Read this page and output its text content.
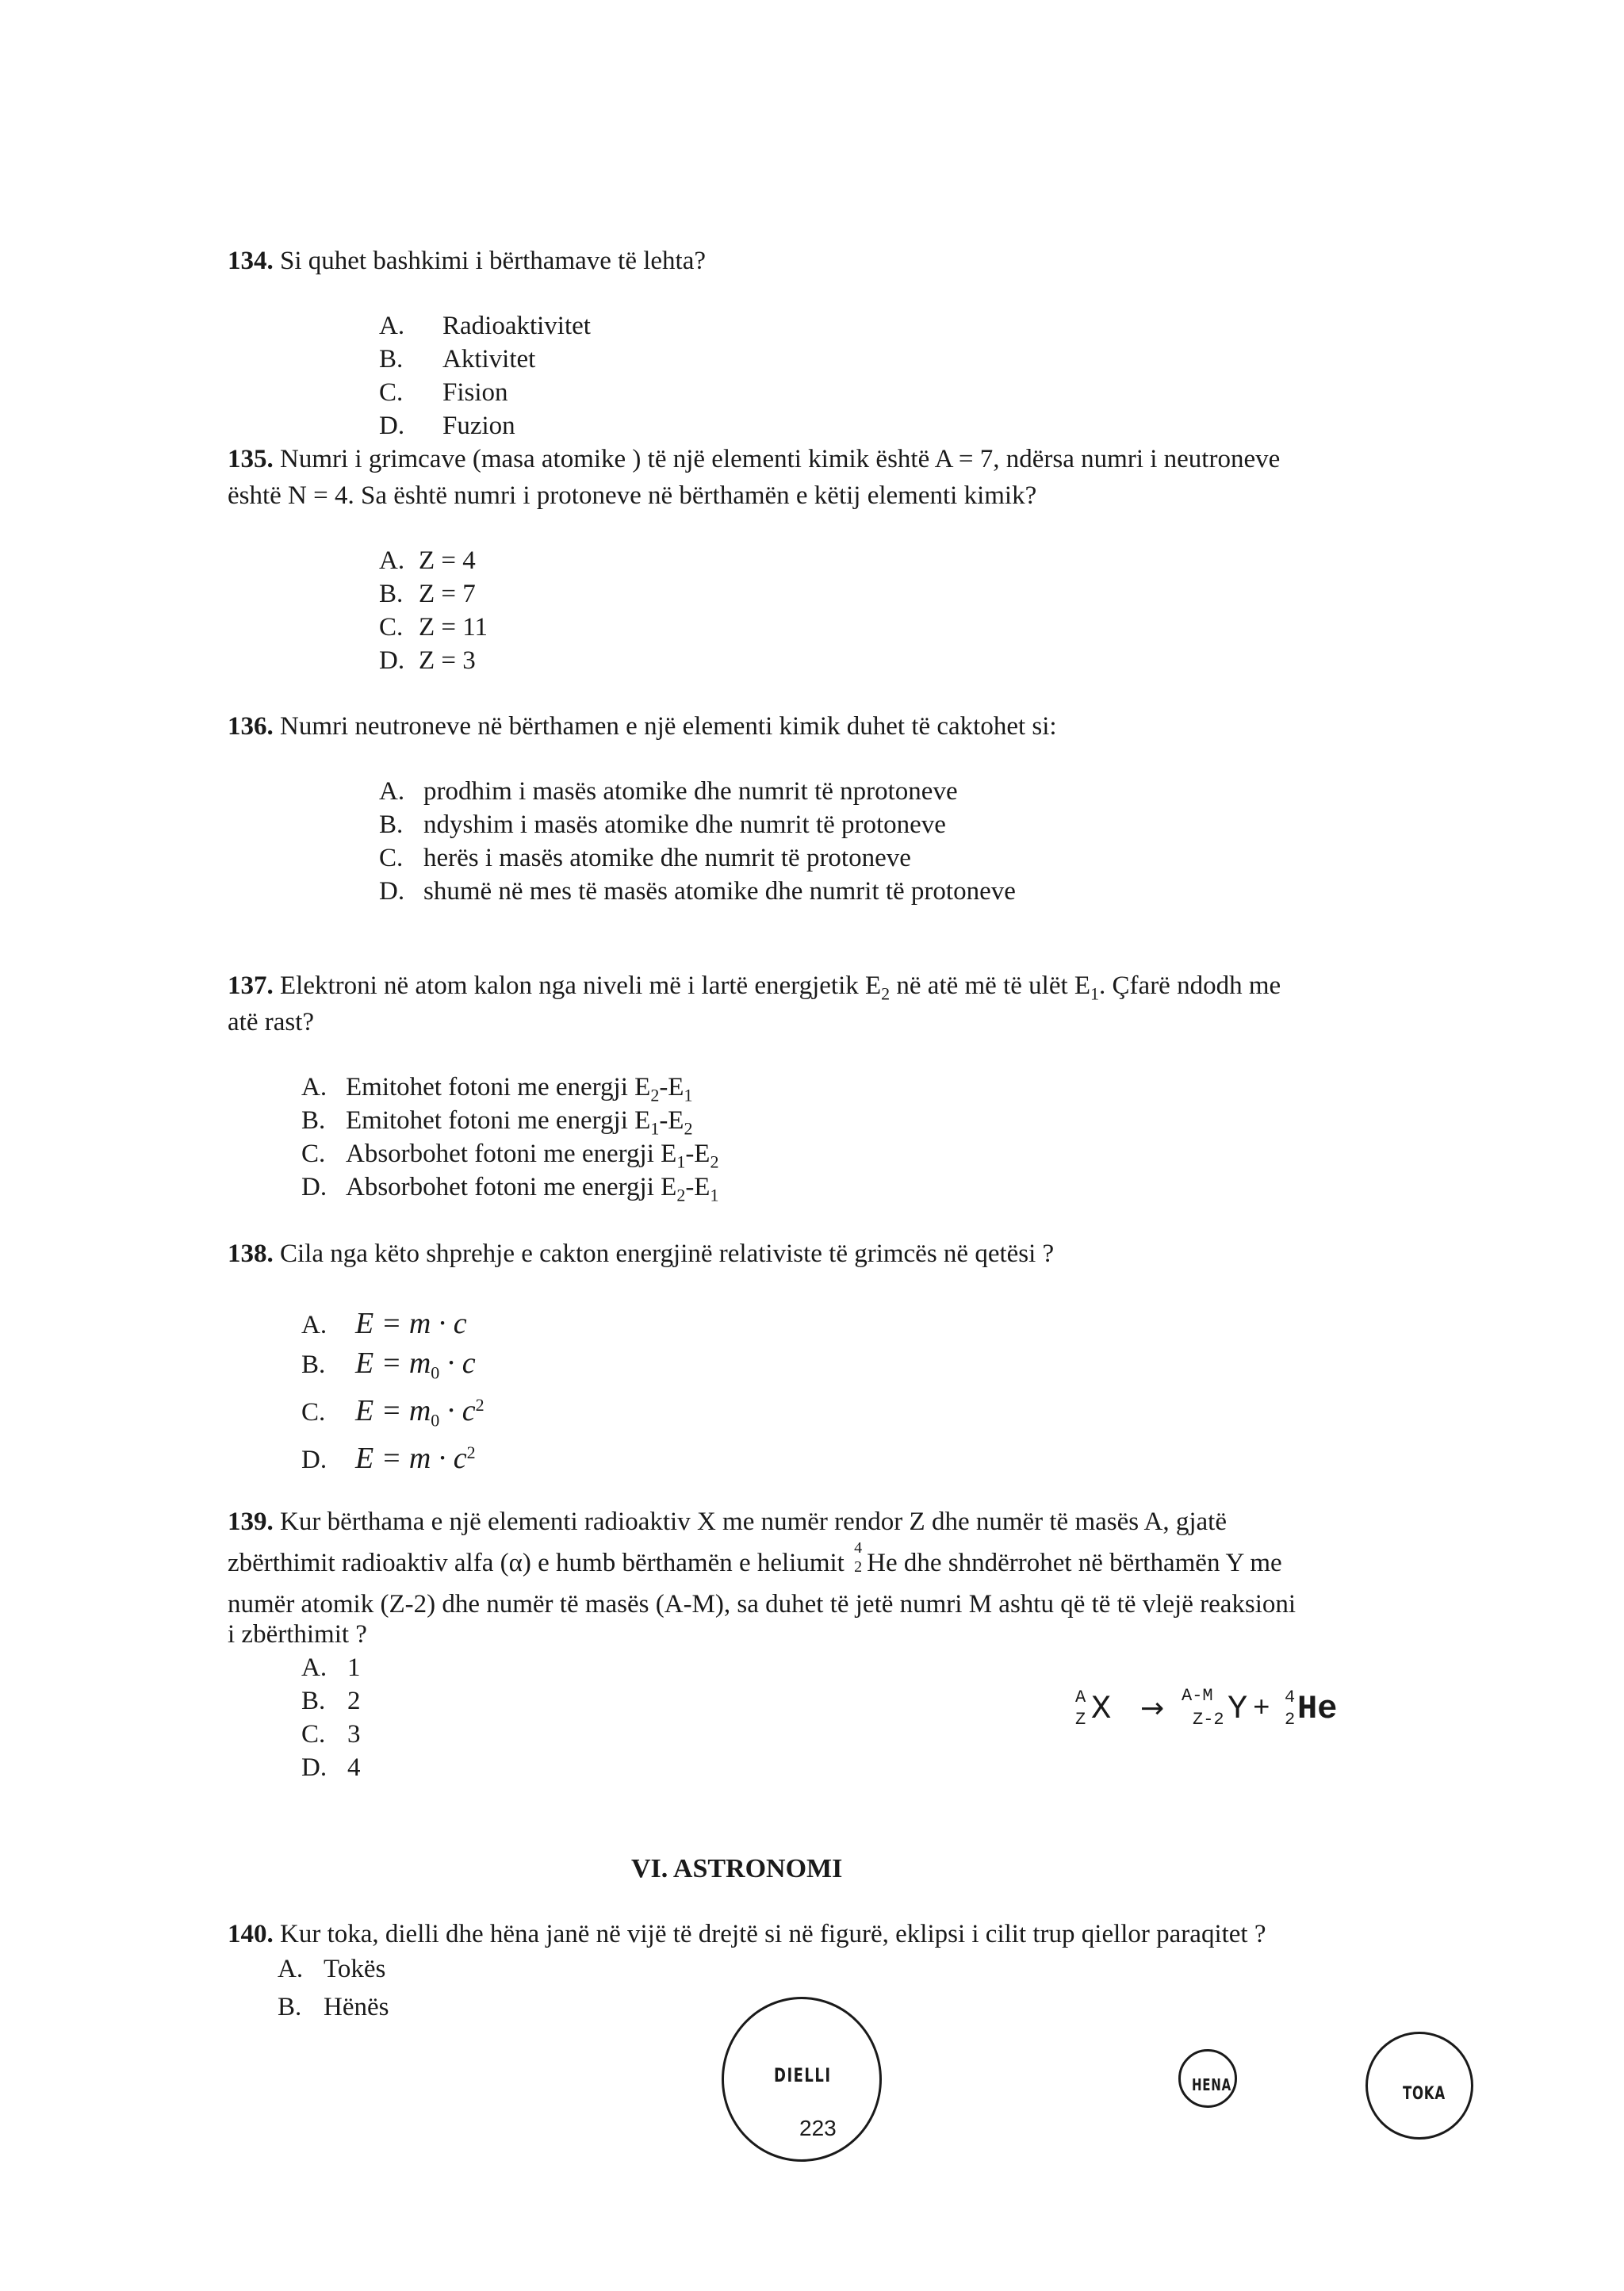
134. Si quhet bashkimi i bërthamave të lehta?
A. Radioaktivitet
B. Aktivitet
C. Fision
D. Fuzion
135. Numri i grimcave (masa atomike ) të një elementi kimik është A = 7, ndërsa numri i neutroneve
është N = 4. Sa është numri i protoneve në bërthamën e këtij elementi kimik?
A. Z = 4
B. Z = 7
C. Z = 11
D. Z = 3
136. Numri neutroneve në bërthamen e një elementi kimik duhet të caktohet si:
A. prodhim i masës atomike dhe numrit të nprotoneve
B. ndyshim i masës atomike dhe numrit të protoneve
C. herës i masës atomike dhe numrit të protoneve
D. shumë në mes të masës atomike dhe numrit të protoneve
137. Elektroni në atom kalon nga niveli më i lartë energjetik $E_2$ në atë më të ulët $E_1$. Çfarë ndodh me
atë rast?
A. Emitohet fotoni me energji $E_2-E_1$
B. Emitohet fotoni me energji $E_1-E_2$
C. Absorbohet fotoni me energji $E_1-E_2$
D. Absorbohet fotoni me energji $E_2-E_1$
138. Cila nga këto shprehje e cakton energjinë relativiste të grimcës në qetësi ?
A. E = m · c
B. $E = m_0 \cdot c$
C. $E = m_0 \cdot c^2$
D. $E = m \cdot c^2$
139. Kur bërthama e një elementi radioaktiv X me numër rendor Z dhe numër të masës A, gjatë
zbërthimit radioaktiv alfa (α) e humb bërthamën e heliumit
4
2 He dhe shndërrohet në bërthamën Y me
numër atomik (Z-2) dhe numër të masës (A-M), sa duhet të jetë numri M ashtu që të të vlejë reaksioni
i zbërthimit ?
A. 1
B. 2
C. 3
D. 4
A
Z X → A-M
Z-2 Y + 4
2 He
VI. ASTRONOMI
140. Kur toka, dielli dhe hëna janë në vijë të drejtë si në figurë, eklipsi i cilit trup qiellor paraqitet ?
A. Tokës
B. Hënës
DIELLI	HENA	TOKA
223
